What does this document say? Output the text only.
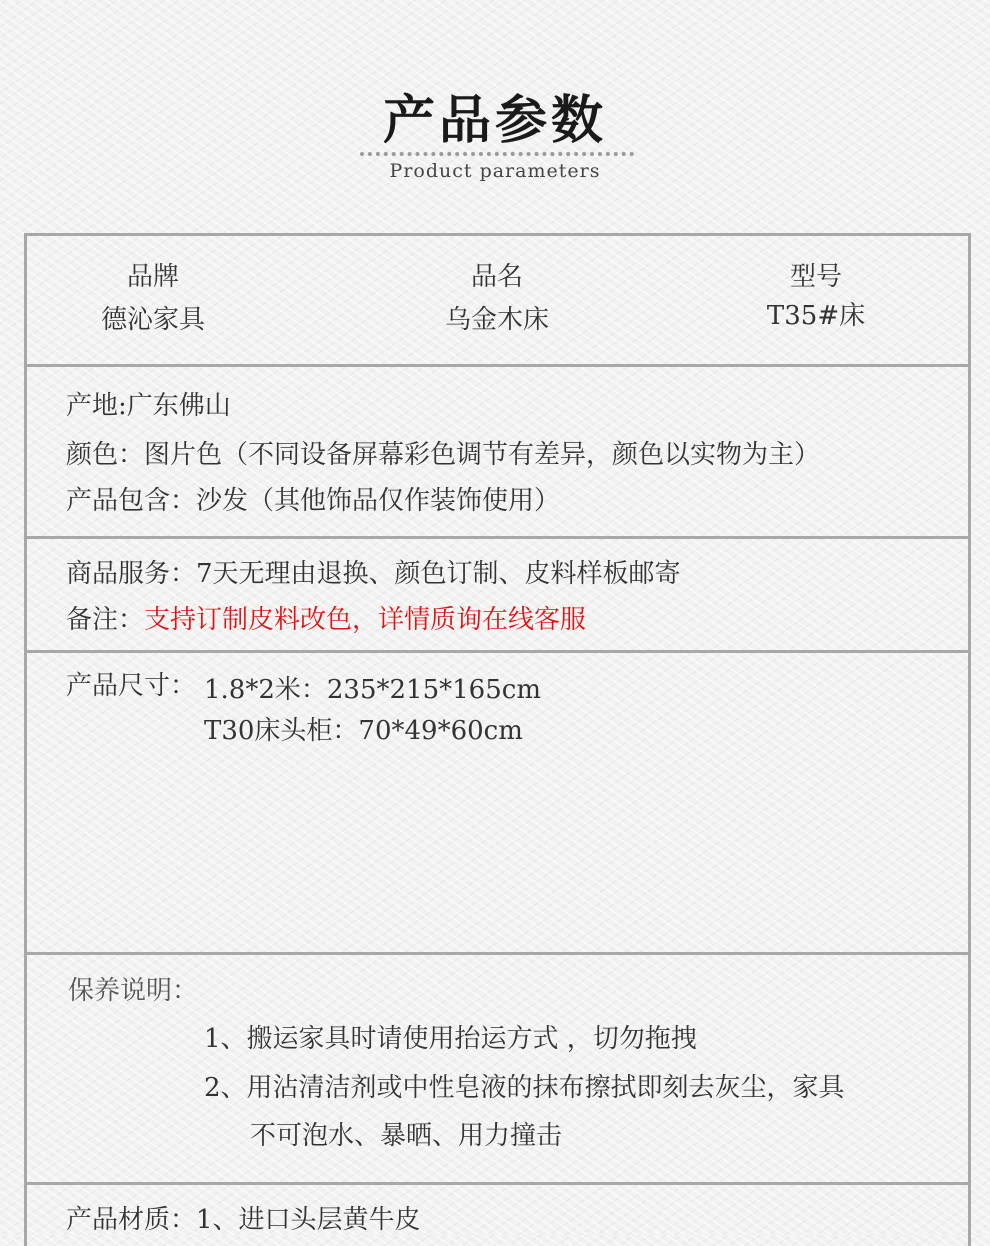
产品参数
Product parameters
品牌
德沁家具
品名
乌金木床
型号
T35#床
产地:广东佛山
颜色：图片色（不同设备屏幕彩色调节有差异，颜色以实物为主）
产品包含：沙发（其他饰品仅作装饰使用）
商品服务：7天无理由退换、颜色订制、皮料样板邮寄
备注：支持订制皮料改色，详情质询在线客服
产品尺寸： 1.8*2米：235*215*165cm
T30床头柜：70*49*60cm
保养说明：
1、搬运家具时请使用抬运方式 ，切勿拖拽
2、用沾清洁剂或中性皂液的抹布擦拭即刻去灰尘，家具
不可泡水、暴晒、用力撞击
产品材质：1、进口头层黄牛皮
